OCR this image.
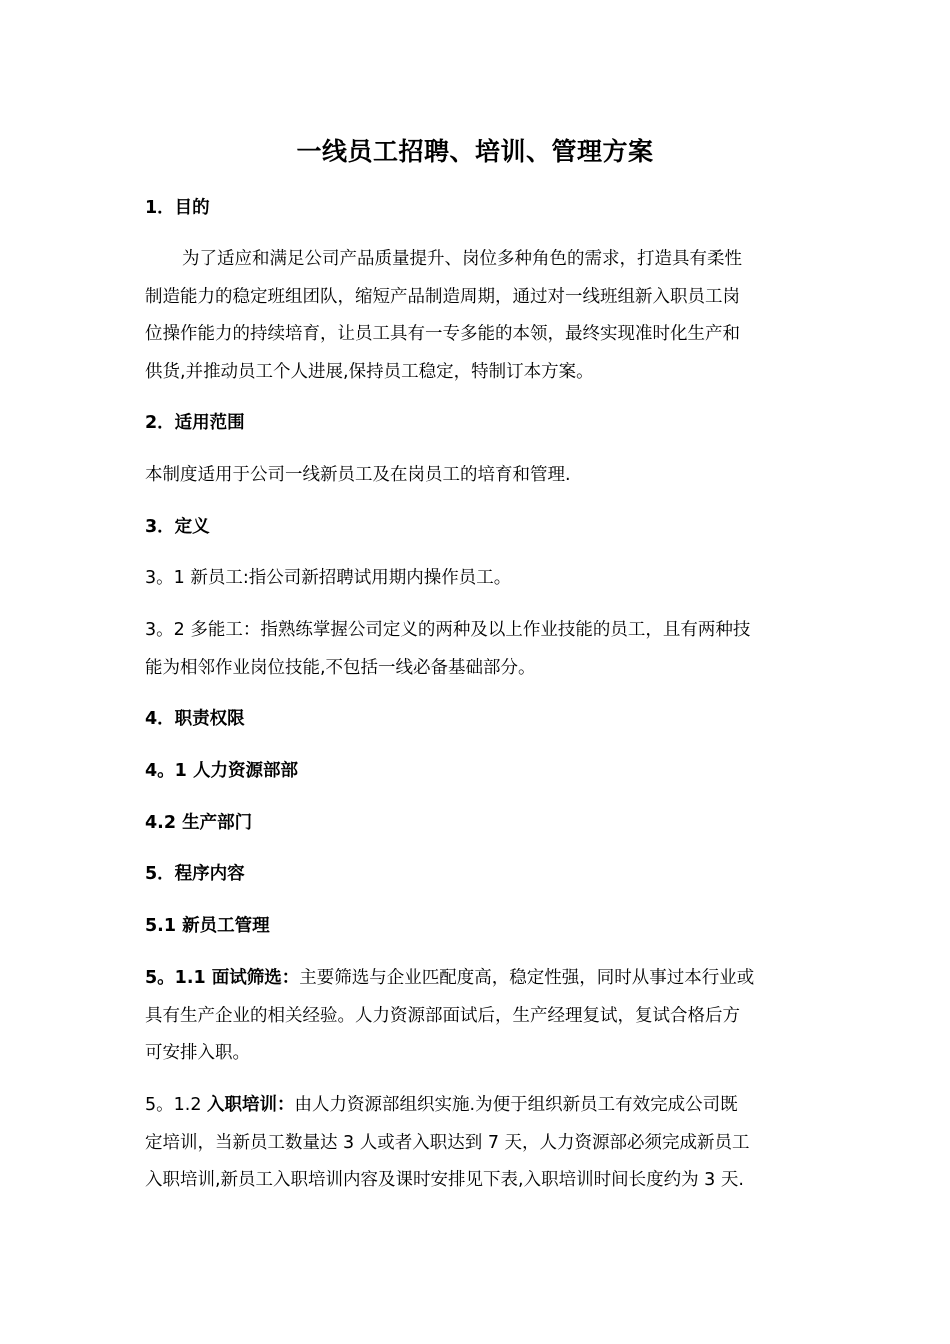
一线员工招聘、培训、管理方案
1．目的
为了适应和满足公司产品质量提升、岗位多种角色的需求，打造具有柔性
制造能力的稳定班组团队，缩短产品制造周期，通过对一线班组新入职员工岗
位操作能力的持续培育，让员工具有一专多能的本领，最终实现准时化生产和
供货,并推动员工个人进展,保持员工稳定，特制订本方案。
2．适用范围
本制度适用于公司一线新员工及在岗员工的培育和管理.
3．定义
3。1 新员工:指公司新招聘试用期内操作员工。
3。2 多能工：指熟练掌握公司定义的两种及以上作业技能的员工，且有两种技
能为相邻作业岗位技能,不包括一线必备基础部分。
4．职责权限
4。1 人力资源部部
4.2 生产部门
5．程序内容
5.1 新员工管理
5。1.1 面试筛选：主要筛选与企业匹配度高，稳定性强，同时从事过本行业或
具有生产企业的相关经验。人力资源部面试后，生产经理复试，复试合格后方
可安排入职。
5。1.2 入职培训：由人力资源部组织实施.为便于组织新员工有效完成公司既
定培训，当新员工数量达 3 人或者入职达到 7 天，人力资源部必须完成新员工
入职培训,新员工入职培训内容及课时安排见下表,入职培训时间长度约为 3 天.
